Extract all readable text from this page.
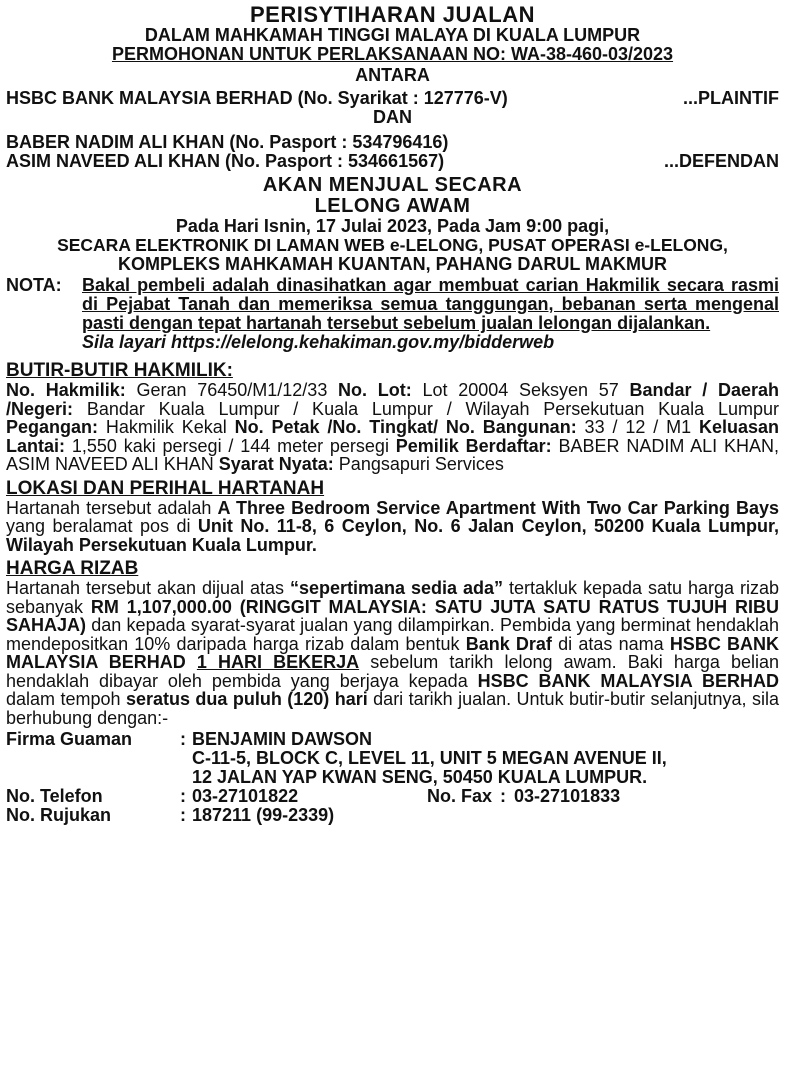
PERISYTIHARAN JUALAN
DALAM MAHKAMAH TINGGI MALAYA DI KUALA LUMPUR
PERMOHONAN UNTUK PERLAKSANAAN NO: WA-38-460-03/2023
ANTARA
HSBC BANK MALAYSIA BERHAD (No. Syarikat : 127776-V)	...PLAINTIF
DAN
BABER NADIM ALI KHAN (No. Pasport : 534796416)
ASIM NAVEED ALI KHAN (No. Pasport : 534661567)	...DEFENDAN
AKAN MENJUAL SECARA
LELONG AWAM
Pada Hari Isnin, 17 Julai 2023, Pada Jam 9:00 pagi,
SECARA ELEKTRONIK DI LAMAN WEB e-LELONG, PUSAT OPERASI e-LELONG,
KOMPLEKS MAHKAMAH KUANTAN, PAHANG DARUL MAKMUR
NOTA:	Bakal pembeli adalah dinasihatkan agar membuat carian Hakmilik secara rasmi di Pejabat Tanah dan memeriksa semua tanggungan, bebanan serta mengenal pasti dengan tepat hartanah tersebut sebelum jualan lelongan dijalankan.
Sila layari https://elelong.kehakiman.gov.my/bidderweb
BUTIR-BUTIR HAKMILIK:
No. Hakmilik: Geran 76450/M1/12/33 No. Lot: Lot 20004 Seksyen 57 Bandar / Daerah /Negeri: Bandar Kuala Lumpur / Kuala Lumpur / Wilayah Persekutuan Kuala Lumpur Pegangan: Hakmilik Kekal No. Petak /No. Tingkat/ No. Bangunan: 33 / 12 / M1 Keluasan Lantai: 1,550 kaki persegi / 144 meter persegi Pemilik Berdaftar: BABER NADIM ALI KHAN, ASIM NAVEED ALI KHAN Syarat Nyata: Pangsapuri Services
LOKASI DAN PERIHAL HARTANAH
Hartanah tersebut adalah A Three Bedroom Service Apartment With Two Car Parking Bays yang beralamat pos di Unit No. 11-8, 6 Ceylon, No. 6 Jalan Ceylon, 50200 Kuala Lumpur, Wilayah Persekutuan Kuala Lumpur.
HARGA RIZAB
Hartanah tersebut akan dijual atas “sepertimana sedia ada” tertakluk kepada satu harga rizab sebanyak RM 1,107,000.00 (RINGGIT MALAYSIA: SATU JUTA SATU RATUS TUJUH RIBU SAHAJA) dan kepada syarat-syarat jualan yang dilampirkan. Pembida yang berminat hendaklah mendepositkan 10% daripada harga rizab dalam bentuk Bank Draf di atas nama HSBC BANK MALAYSIA BERHAD 1 HARI BEKERJA sebelum tarikh lelong awam. Baki harga belian hendaklah dibayar oleh pembida yang berjaya kepada HSBC BANK MALAYSIA BERHAD dalam tempoh seratus dua puluh (120) hari dari tarikh jualan. Untuk butir-butir selanjutnya, sila berhubung dengan:-
Firma Guaman	: BENJAMIN DAWSON
C-11-5, BLOCK C, LEVEL 11, UNIT 5 MEGAN AVENUE II,
12 JALAN YAP KWAN SENG, 50450 KUALA LUMPUR.
No. Telefon	: 03-27101822	No. Fax : 03-27101833
No. Rujukan	: 187211 (99-2339)
